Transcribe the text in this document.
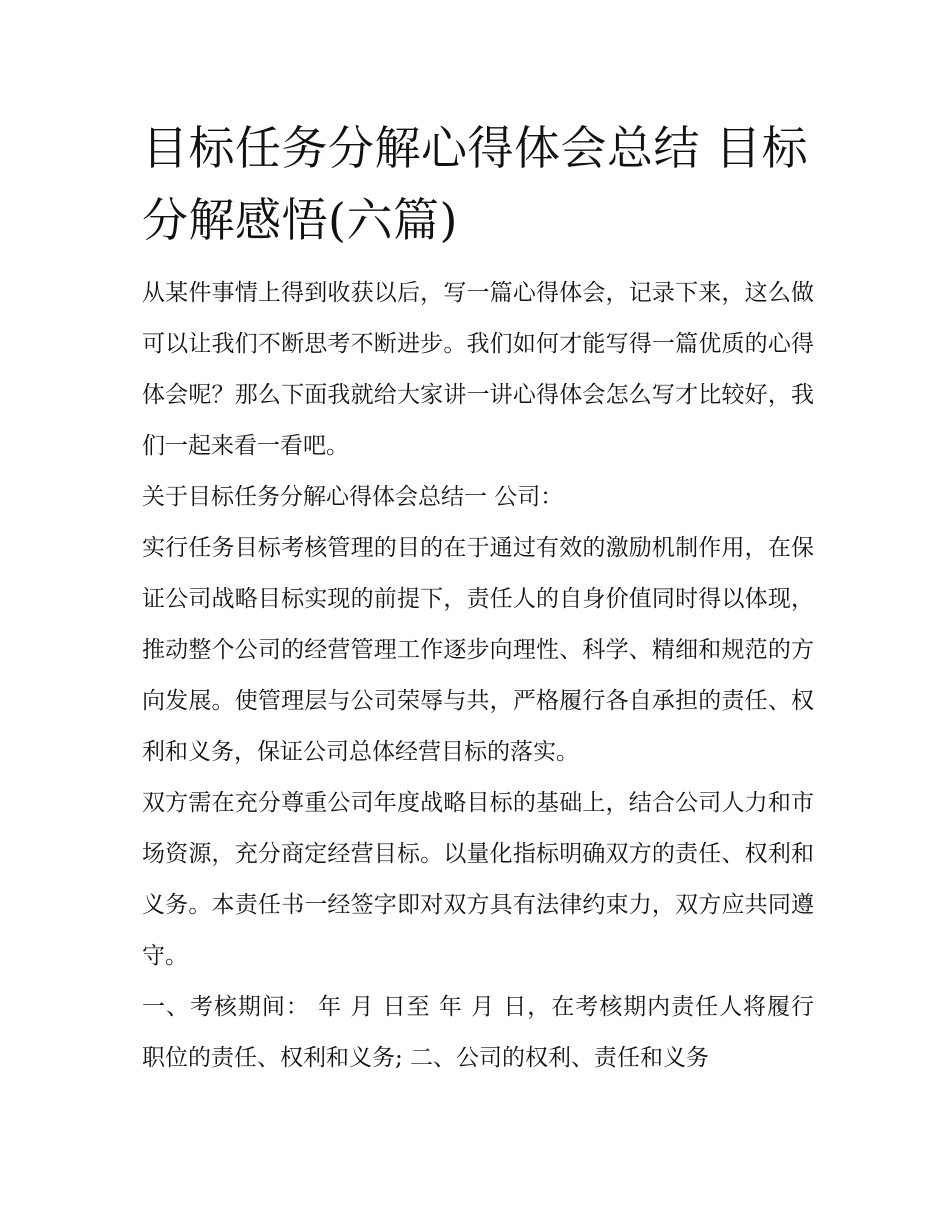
目标任务分解心得体会总结 目标分解感悟(六篇)

从某件事情上得到收获以后，写一篇心得体会，记录下来，这么做可以让我们不断思考不断进步。我们如何才能写得一篇优质的心得体会呢？那么下面我就给大家讲一讲心得体会怎么写才比较好，我们一起来看一看吧。

关于目标任务分解心得体会总结一 公司：

实行任务目标考核管理的目的在于通过有效的激励机制作用，在保证公司战略目标实现的前提下，责任人的自身价值同时得以体现，推动整个公司的经营管理工作逐步向理性、科学、精细和规范的方向发展。使管理层与公司荣辱与共，严格履行各自承担的责任、权利和义务，保证公司总体经营目标的落实。

双方需在充分尊重公司年度战略目标的基础上，结合公司人力和市场资源，充分商定经营目标。以量化指标明确双方的责任、权利和义务。本责任书一经签字即对双方具有法律约束力，双方应共同遵守。

一、考核期间： 年 月 日至 年 月 日，在考核期内责任人将履行 职位的责任、权利和义务; 二、公司的权利、责任和义务
